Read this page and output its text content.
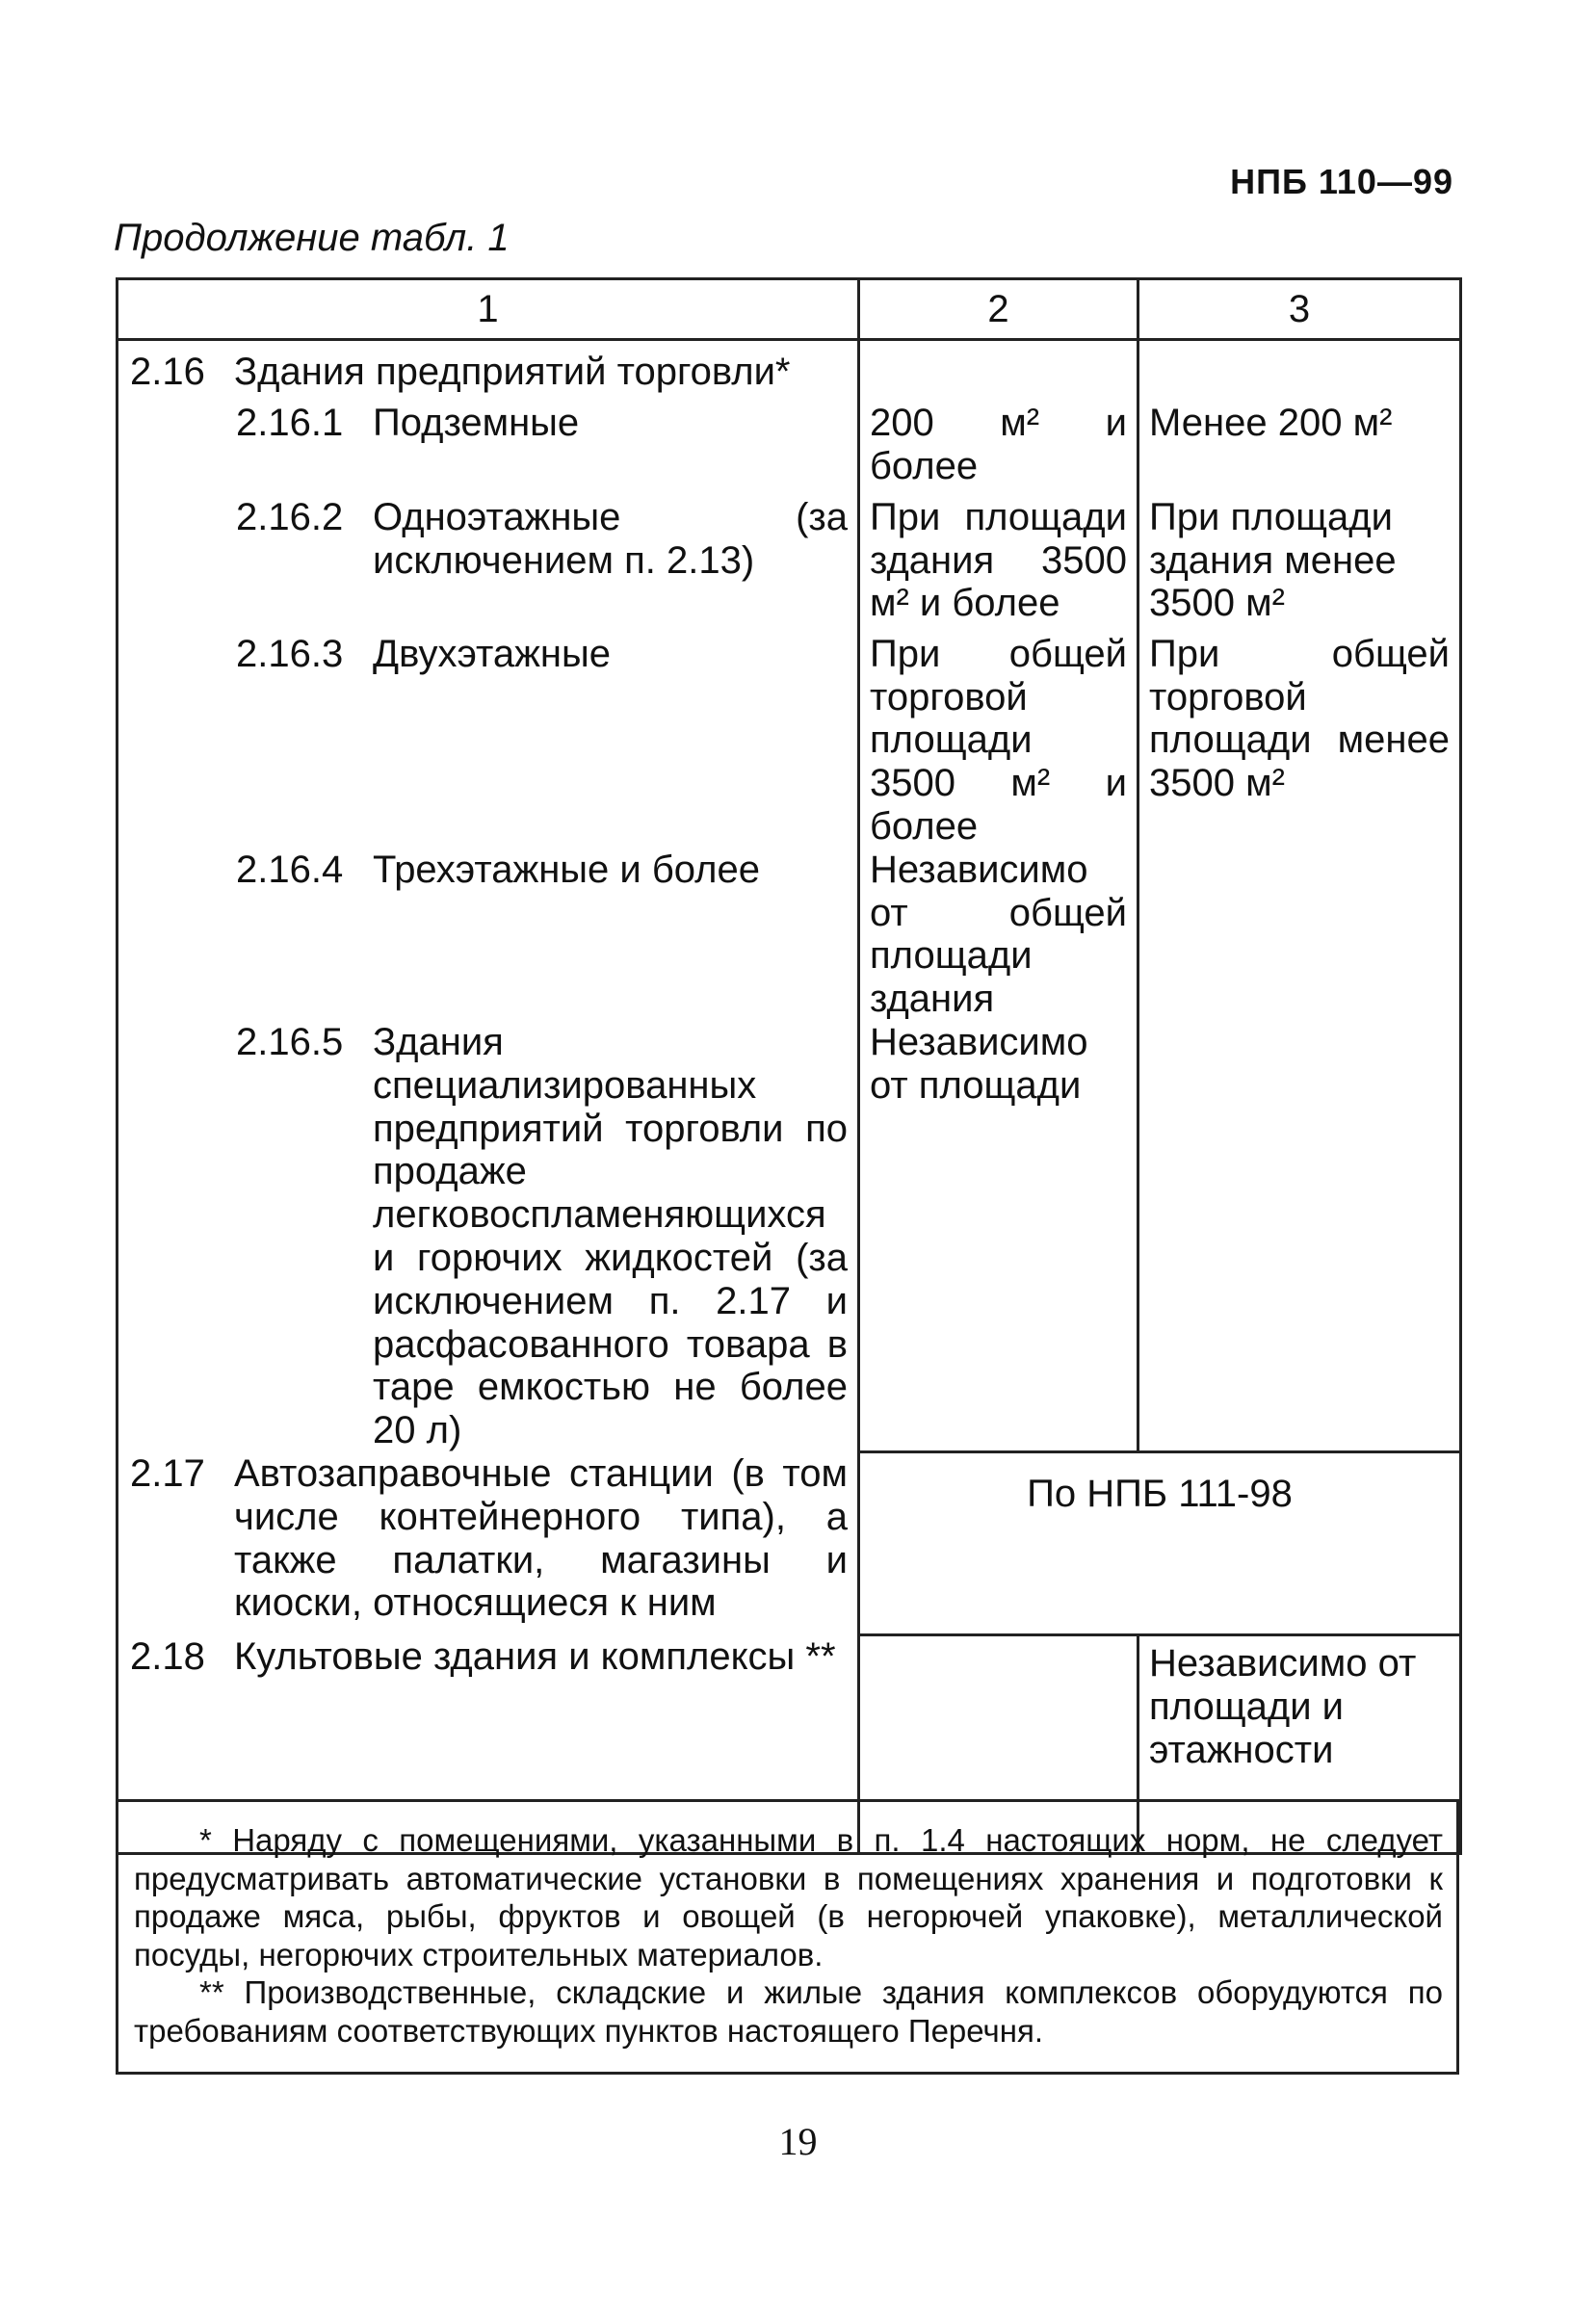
НПБ 110—99
Продолжение табл. 1
1	2	3

2.16 Здания предприятий торговли*		

2.16.1 Подземные	200 м² и более	Менее 200 м²

2.16.2 Одноэтажные (за исключением п. 2.13)	При площади здания 3500 м² и более	При площади здания менее 3500 м²

2.16.3 Двухэтажные	При общей торговой площади 3500 м² и более	При общей торговой площади менее 3500 м²

2.16.4 Трехэтажные и более	Независимо от общей площади здания	

2.16.5 Здания специализированных предприятий торговли по продаже легковоспламеняющихся и горючих жидкостей (за исключением п. 2.17 и расфасованного товара в таре емкостью не более 20 л)	Независимо от площади	

2.17 Автозаправочные станции (в том числе контейнерного типа), а также палатки, магазины и киоски, относящиеся к ним	По НПБ 111-98	

2.18 Культовые здания и комплексы **		Независимо от площади и этажности

* Наряду с помещениями, указанными в п. 1.4 настоящих норм, не следует предусматривать автоматические установки в помещениях хранения и подготовки к продаже мяса, рыбы, фруктов и овощей (в негорючей упаковке), металлической посуды, негорючих строительных материалов.

** Производственные, складские и жилые здания комплексов оборудуются по требованиям соответствующих пунктов настоящего Перечня.

19
